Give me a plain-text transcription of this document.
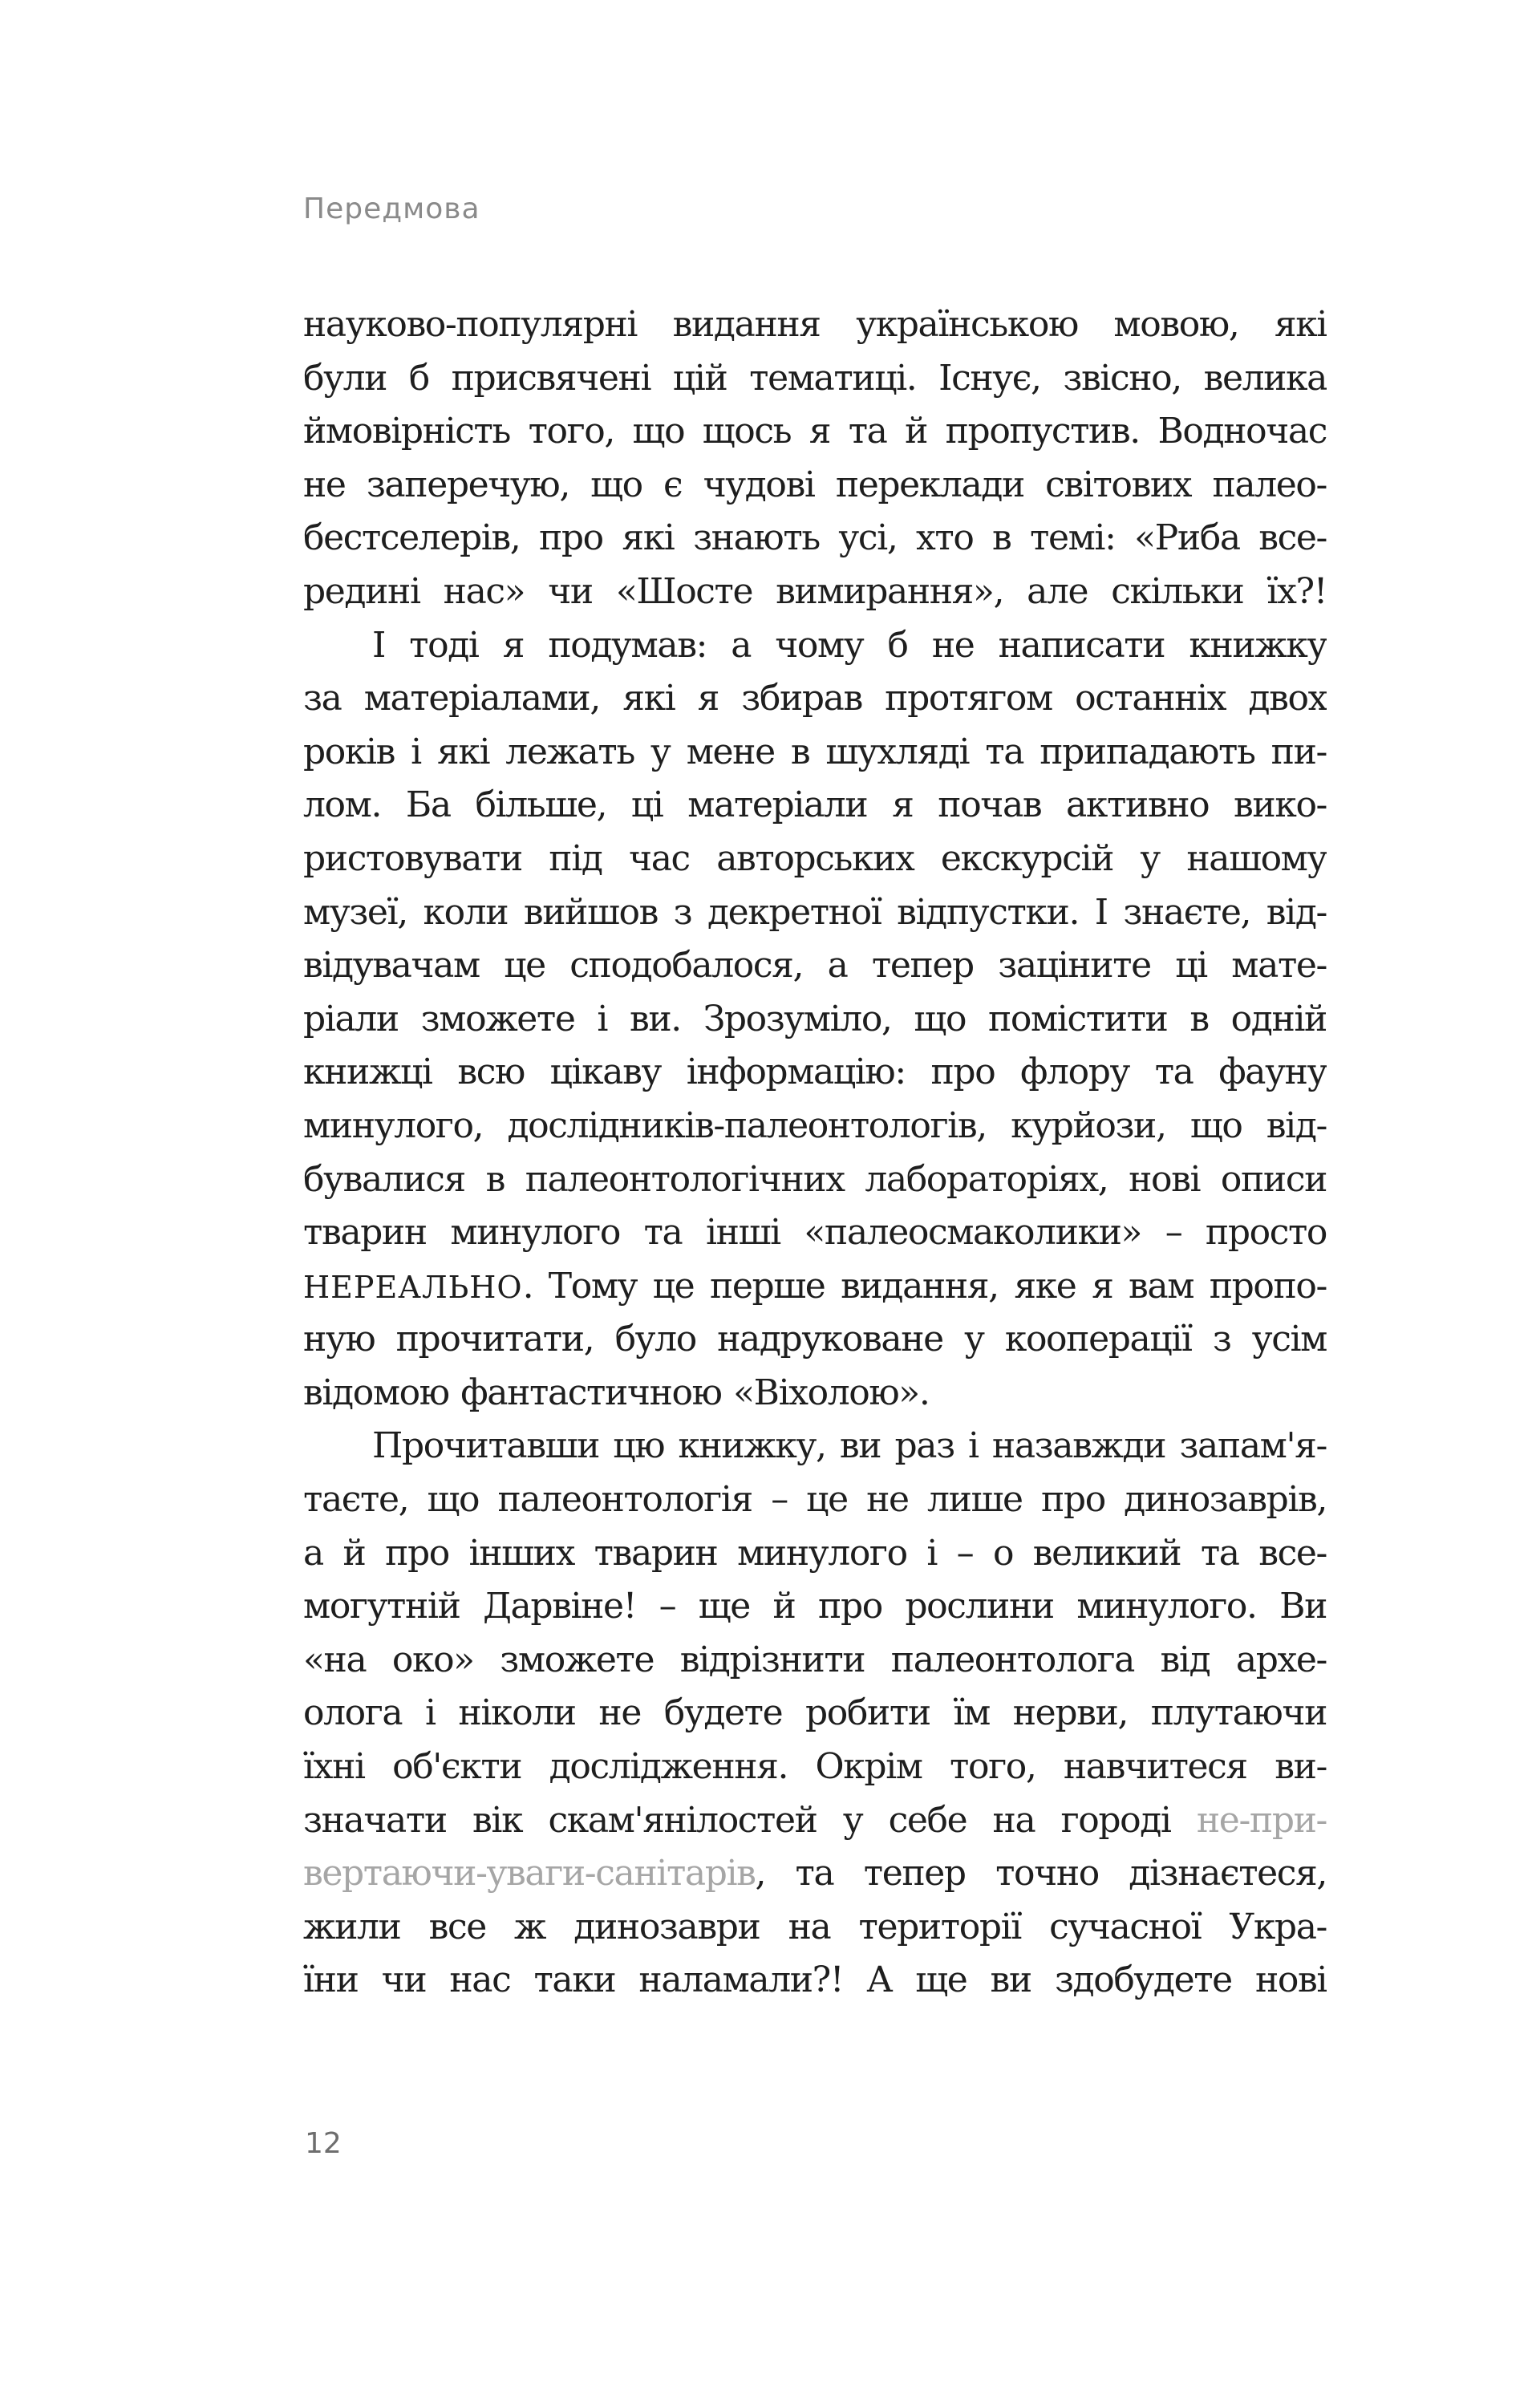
Передмова
науково-популярні видання українською мовою, які
були б присвячені цій тематиці. Існує, звісно, велика
ймовірність того, що щось я та й пропустив. Водночас
не заперечую, що є чудові переклади світових палео-
бестселерів, про які знають усі, хто в темі: «Риба все-
редині нас» чи «Шосте вимирання», але скільки їх?!
І тоді я подумав: а чому б не написати книжку
за матеріалами, які я збирав протягом останніх двох
років і які лежать у мене в шухляді та припадають пи-
лом. Ба більше, ці матеріали я почав активно вико-
ристовувати під час авторських екскурсій у нашому
музеї, коли вийшов з декретної відпустки. І знаєте, від-
відувачам це сподобалося, а тепер заціните ці мате-
ріали зможете і ви. Зрозуміло, що помістити в одній
книжці всю цікаву інформацію: про флору та фауну
минулого, дослідників-палеонтологів, курйози, що від-
бувалися в палеонтологічних лабораторіях, нові описи
тварин минулого та інші «палеосмаколики» – просто
НЕРЕАЛЬНО. Тому це перше видання, яке я вам пропо-
ную прочитати, було надруковане у кооперації з усім
відомою фантастичною «Віхолою».
Прочитавши цю книжку, ви раз і назавжди запам'я-
таєте, що палеонтологія – це не лише про динозаврів,
а й про інших тварин минулого і – о великий та все-
могутній Дарвіне! – ще й про рослини минулого. Ви
«на око» зможете відрізнити палеонтолога від архе-
олога і ніколи не будете робити їм нерви, плутаючи
їхні об'єкти дослідження. Окрім того, навчитеся ви-
значати вік скам'янілостей у себе на городі не-при-
вертаючи-уваги-санітарів, та тепер точно дізнаєтеся,
жили все ж динозаври на території сучасної Укра-
їни чи нас таки наламали?! А ще ви здобудете нові
12
